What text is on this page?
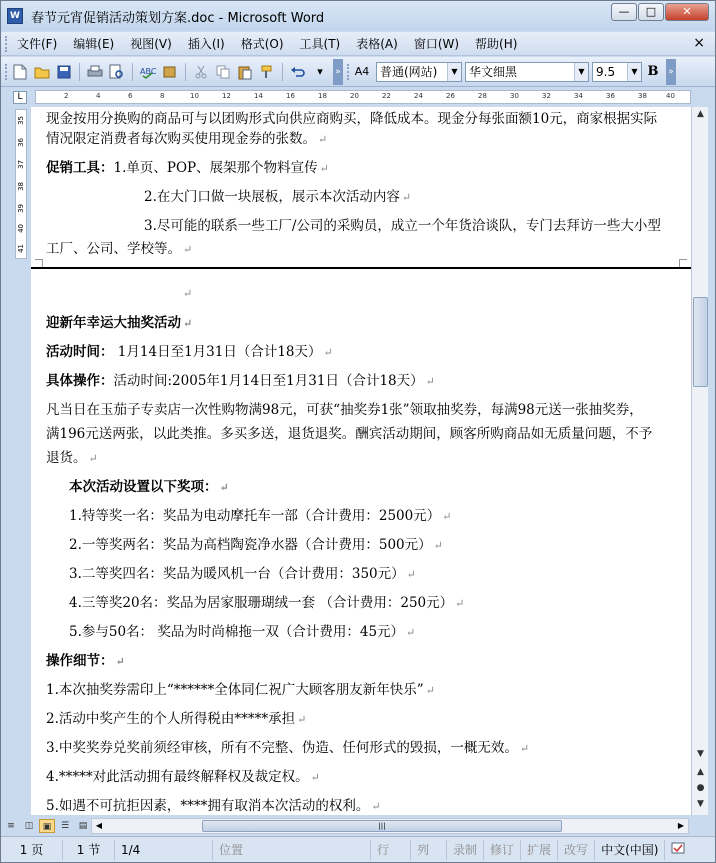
W 春节元宵促销活动策划方案.doc - Microsoft Word	—	□	✕
文件(F)	编辑(E)	视图(V)	插入(I)	格式(O)	工具(T)	表格(A)	窗口(W)	帮助(H)	×
ABC	▾	» A4 普通(网站)	▼ 华文细黑	▼ 9.5	▼ B	»
L	2	4	6	8	10	12	14	16	18	20	22	24	26	28	30	32	34	36	38	40
35
36
37
38
39
40
41
现金按用分换购的商品可与以团购形式向供应商购买，降低成本。现金分每张面额10元，商家根据实际
情况限定消费者每次购买使用现金券的张数。 ↵
促销工具：1.单页、POP、展架那个物料宣传 ↵
2.在大门口做一块展板，展示本次活动内容 ↵
3.尽可能的联系一些工厂/公司的采购员，成立一个年货洽谈队，专门去拜访一些大小型
工厂、公司、学校等。 ↵
↵
迎新年幸运大抽奖活动 ↵
活动时间： 1月14日至1月31日（合计18天） ↵
具体操作：活动时间:2005年1月14日至1月31日（合计18天） ↵
凡当日在玉茄子专卖店一次性购物满98元，可获“抽奖券1张”领取抽奖券，每满98元送一张抽奖券，
满196元送两张，以此类推。多买多送，退货退奖。酬宾活动期间，顾客所购商品如无质量问题，不予
退货。 ↵
本次活动设置以下奖项： ↵
1.特等奖一名：奖品为电动摩托车一部（合计费用：2500元） ↵
2.一等奖两名：奖品为高档陶瓷净水器（合计费用：500元） ↵
3.二等奖四名：奖品为暖风机一台（合计费用：350元） ↵
4.三等奖20名：奖品为居家服珊瑚绒一套 （合计费用：250元） ↵
5.参与50名： 奖品为时尚棉拖一双（合计费用：45元） ↵
操作细节： ↵
1.本次抽奖券需印上“******全体同仁祝广大顾客朋友新年快乐” ↵
2.活动中奖产生的个人所得税由*****承担 ↵
3.中奖奖券兑奖前须经审核，所有不完整、伪造、任何形式的毁损，一概无效。 ↵
4.*****对此活动拥有最终解释权及裁定权。 ↵
5.如遇不可抗拒因素，****拥有取消本次活动的权利。 ↵
▲
▼
▲
●
▼
≡	◫	▣	☰	▤	◀	|||	▶
1 页	1 节	1/4	位置	行	列	录制	修订	扩展	改写	中文(中国)
